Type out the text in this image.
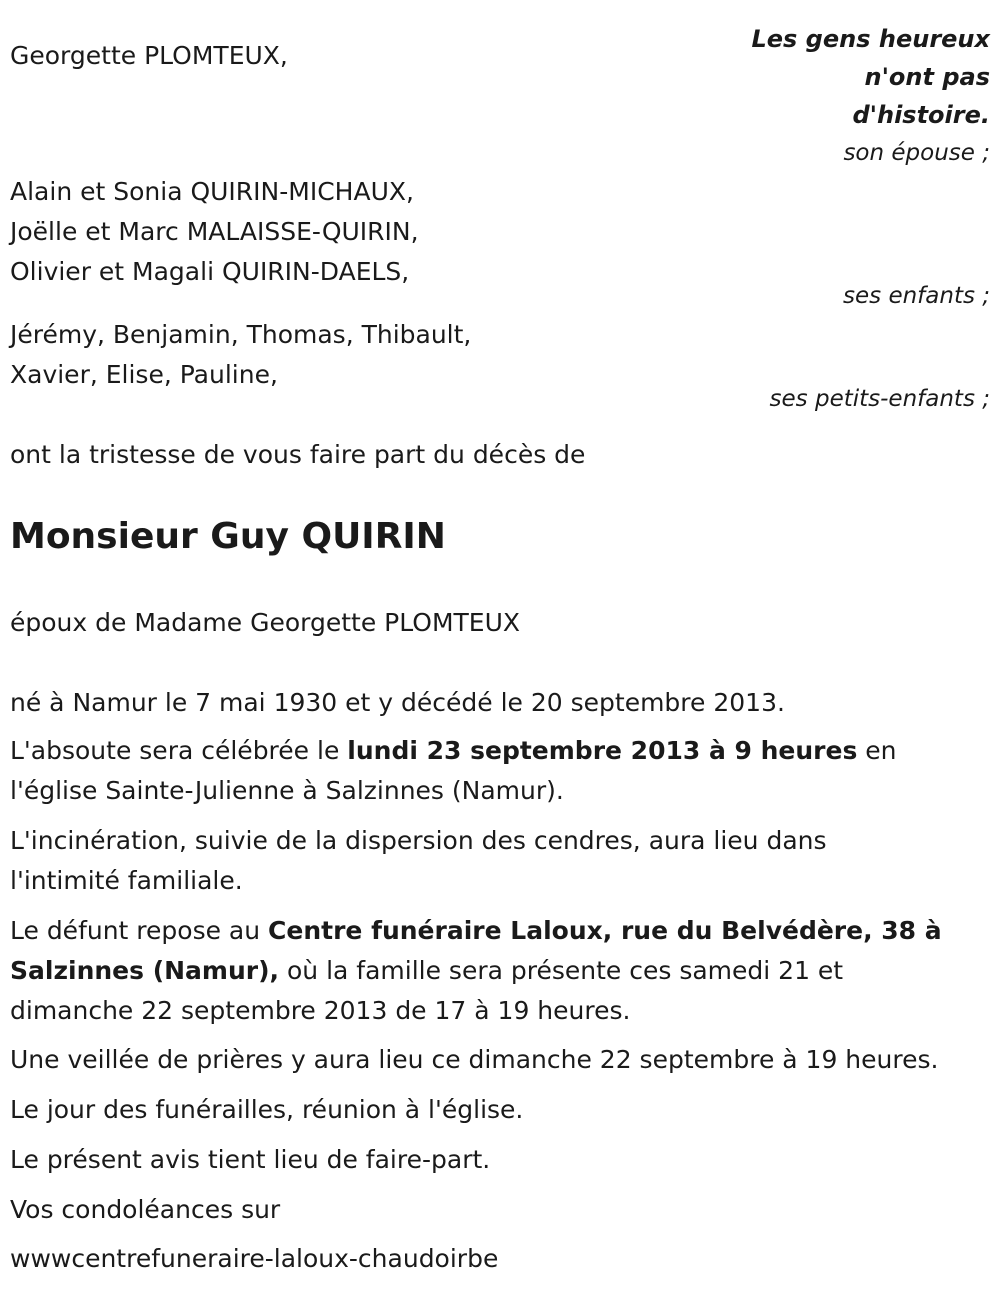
Les gens heureux
n'ont pas
d'histoire.
Georgette PLOMTEUX,
son épouse ;
Alain et Sonia QUIRIN-MICHAUX,
Joëlle et Marc MALAISSE-QUIRIN,
Olivier et Magali QUIRIN-DAELS,
ses enfants ;
Jérémy, Benjamin, Thomas, Thibault,
Xavier, Elise, Pauline,
ses petits-enfants ;
ont la tristesse de vous faire part du décès de
Monsieur Guy QUIRIN
époux de Madame Georgette PLOMTEUX
né à Namur le 7 mai 1930 et y décédé le 20 septembre 2013.
L'absoute sera célébrée le lundi 23 septembre 2013 à 9 heures en
l'église Sainte-Julienne à Salzinnes (Namur).
L'incinération, suivie de la dispersion des cendres, aura lieu dans
l'intimité familiale.
Le défunt repose au Centre funéraire Laloux, rue du Belvédère, 38 à
Salzinnes (Namur), où la famille sera présente ces samedi 21 et
dimanche 22 septembre 2013 de 17 à 19 heures.
Une veillée de prières y aura lieu ce dimanche 22 septembre à 19 heures.
Le jour des funérailles, réunion à l'église.
Le présent avis tient lieu de faire-part.
Vos condoléances sur
wwwcentrefuneraire-laloux-chaudoirbe
